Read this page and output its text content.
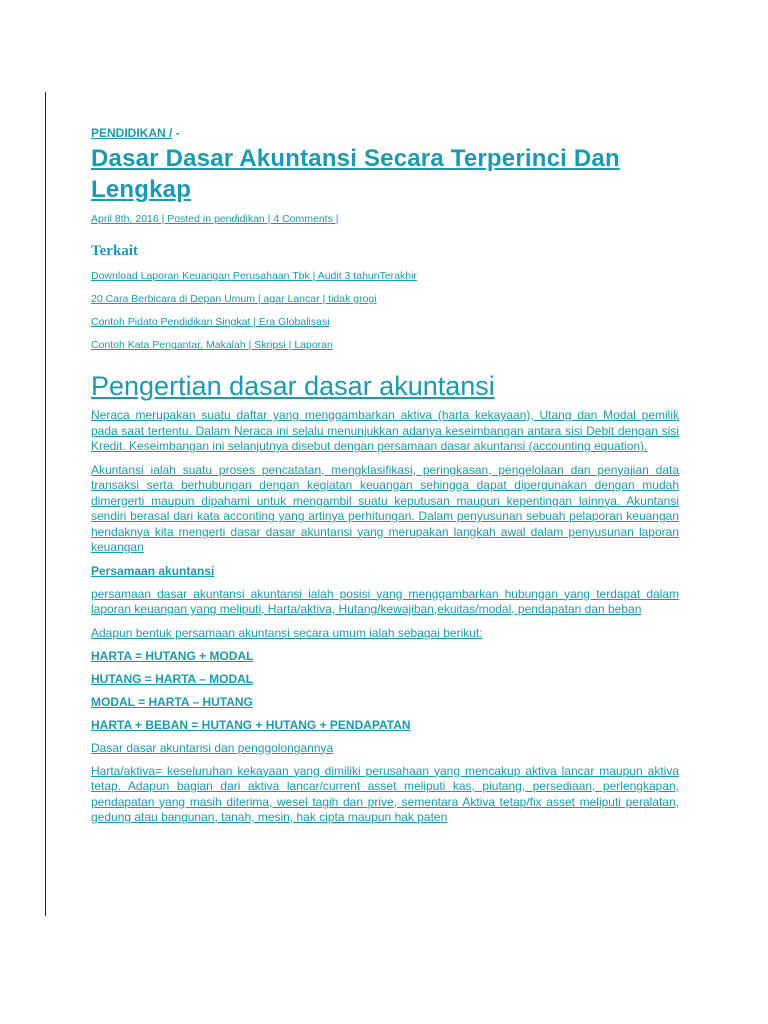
PENDIDIKAN / -

Dasar Dasar Akuntansi Secara Terperinci Dan Lengkap

April 8th, 2016 | Posted in pendidikan | 4 Comments |

Terkait
Download Laporan Keuangan Perusahaan Tbk | Audit 3 tahunTerakhir
20 Cara Berbicara di Depan Umum | agar Lancar | tidak grogi
Contoh Pidato Pendidikan Singkat | Era Globalisasi
Contoh Kata Pengantar, Makalah | Skripsi | Laporan
Pengertian dasar dasar akuntansi

Neraca merupakan suatu daftar yang menggambarkan aktiva (harta kekayaan), Utang dan Modal pemilik pada saat tertentu. Dalam Neraca ini selalu menunjukkan adanya keseimbangan antara sisi Debit dengan sisi Kredit. Keseimbangan ini selanjutnya disebut dengan persamaan dasar akuntansi (accounting equation).

Akuntansi ialah suatu proses pencatatan, mengklasifikasi, peringkasan, pengelolaan dan penyajian data transaksi serta berhubungan dengan kegiatan keuangan sehingga dapat dipergunakan dengan mudah dimergerti maupun dipahami untuk mengambil suatu keputusan maupun kepentingan lainnya. Akuntansi sendiri berasal dari kata acconting yang artinya perhitungan. Dalam penyusunan sebuah pelaporan keuangan hendaknya kita mengerti dasar dasar akuntansi yang merupakan langkah awal dalam penyusunan laporan keuangan

Persamaan akuntansi

persamaan dasar akuntansi akuntansi ialah posisi yang menggambarkan hubungan yang terdapat dalam laporan keuangan yang meliputi, Harta/aktiva, Hutang/kewajiban,ekuitas/modal, pendapatan dan beban

Adapun bentuk persamaan akuntansi secara umum ialah sebagai berikut:

HARTA = HUTANG + MODAL

HUTANG = HARTA – MODAL

MODAL = HARTA – HUTANG

HARTA + BEBAN = HUTANG + HUTANG + PENDAPATAN

Dasar dasar akuntansi dan penggolongannya

Harta/aktiva= keseluruhan kekayaan yang dimiliki perusahaan yang mencakup aktiva lancar maupun aktiva tetap. Adapun bagian dari aktiva lancar/current asset meliputi kas, piutang, persediaan, perlengkapan, pendapatan yang masih diterima, wesel tagih dan prive, sementara Aktiva tetap/fix asset meliputi peralatan, gedung atau bangunan, tanah, mesin, hak cipta maupun hak paten
